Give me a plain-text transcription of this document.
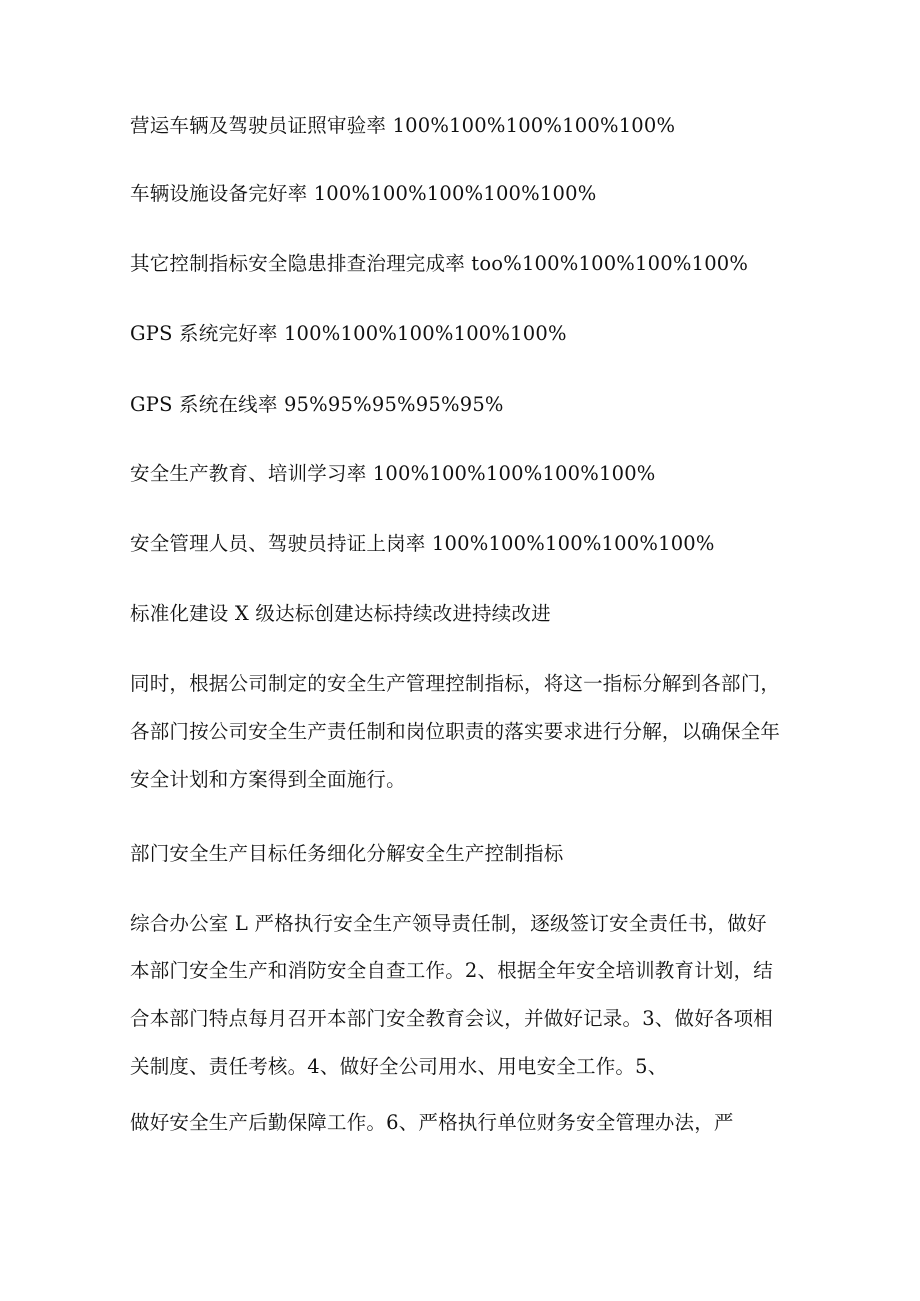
营运车辆及驾驶员证照审验率 100%100%100%100%100%
车辆设施设备完好率 100%100%100%100%100%
其它控制指标安全隐患排查治理完成率 too%100%100%100%100%
GPS 系统完好率 100%100%100%100%100%
GPS 系统在线率 95%95%95%95%95%
安全生产教育、培训学习率 100%100%100%100%100%
安全管理人员、驾驶员持证上岗率 100%100%100%100%100%
标准化建设 X 级达标创建达标持续改进持续改进
同时，根据公司制定的安全生产管理控制指标，将这一指标分解到各部门，
各部门按公司安全生产责任制和岗位职责的落实要求进行分解，以确保全年
安全计划和方案得到全面施行。
部门安全生产目标任务细化分解安全生产控制指标
综合办公室 L 严格执行安全生产领导责任制，逐级签订安全责任书，做好
本部门安全生产和消防安全自查工作。2、根据全年安全培训教育计划，结
合本部门特点每月召开本部门安全教育会议，并做好记录。3、做好各项相
关制度、责任考核。4、做好全公司用水、用电安全工作。5、
做好安全生产后勤保障工作。6、严格执行单位财务安全管理办法，严
